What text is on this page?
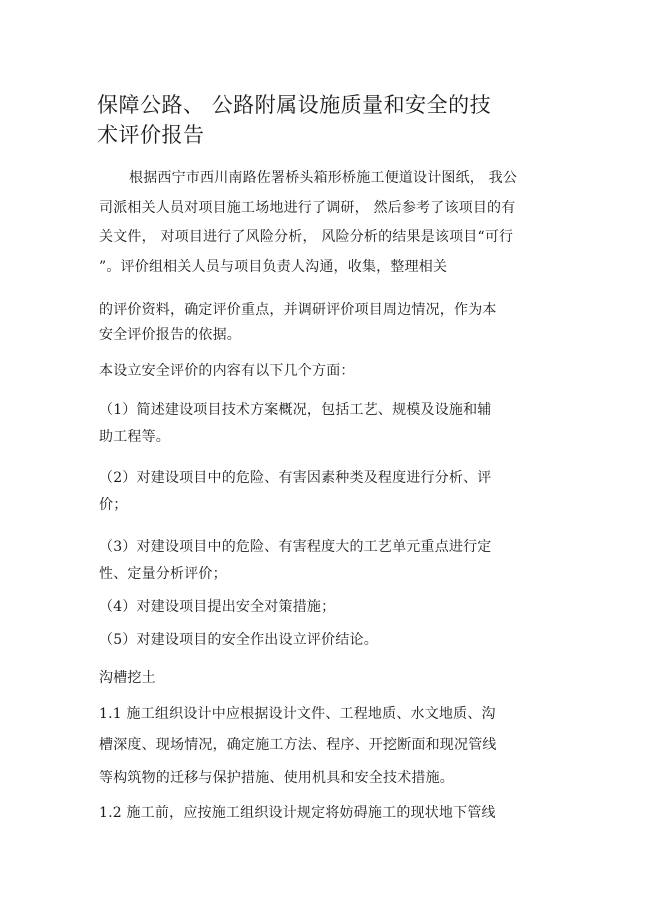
保障公路、 公路附属设施质量和安全的技
术评价报告
根据西宁市西川南路佐署桥头箱形桥施工便道设计图纸， 我公
司派相关人员对项目施工场地进行了调研， 然后参考了该项目的有
关文件， 对项目进行了风险分析， 风险分析的结果是该项目“可行
”。评价组相关人员与项目负责人沟通，收集，整理相关
的评价资料，确定评价重点，并调研评价项目周边情况，作为本
安全评价报告的依据。
本设立安全评价的内容有以下几个方面：
（1）简述建设项目技术方案概况，包括工艺、规模及设施和辅
助工程等。
（2）对建设项目中的危险、有害因素种类及程度进行分析、评
价；
（3）对建设项目中的危险、有害程度大的工艺单元重点进行定
性、定量分析评价；
（4）对建设项目提出安全对策措施；
（5）对建设项目的安全作出设立评价结论。
沟槽挖土
1.1 施工组织设计中应根据设计文件、工程地质、水文地质、沟
槽深度、现场情况，确定施工方法、程序、开挖断面和现况管线
等构筑物的迁移与保护措施、使用机具和安全技术措施。
1.2 施工前，应按施工组织设计规定将妨碍施工的现状地下管线
